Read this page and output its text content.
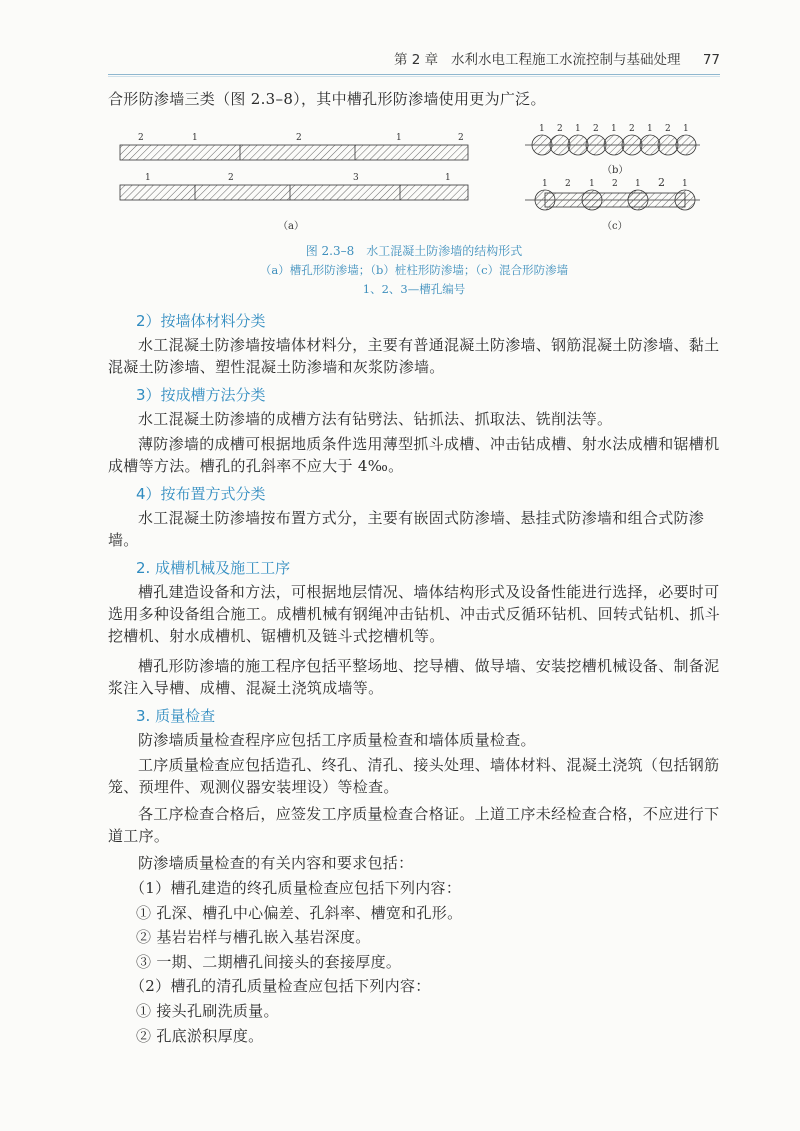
第 2 章 水利水电工程施工水流控制与基础处理 77
合形防渗墙三类（图 2.3–8），其中槽孔形防渗墙使用更为广泛。
2	1	2	1	2
1	2	3	1
（a）
1 2 1 2 1 2 1 2 1
（b）
1 2 1 2 1 2 1
（c）
图 2.3–8　水工混凝土防渗墙的结构形式
（a）槽孔形防渗墙；（b）桩柱形防渗墙；（c）混合形防渗墙
1、2、3—槽孔编号
2）按墙体材料分类
水工混凝土防渗墙按墙体材料分，主要有普通混凝土防渗墙、钢筋混凝土防渗墙、黏土混凝土防渗墙、塑性混凝土防渗墙和灰浆防渗墙。
3）按成槽方法分类
水工混凝土防渗墙的成槽方法有钻劈法、钻抓法、抓取法、铣削法等。
薄防渗墙的成槽可根据地质条件选用薄型抓斗成槽、冲击钻成槽、射水法成槽和锯槽机成槽等方法。槽孔的孔斜率不应大于 4‰。
4）按布置方式分类
水工混凝土防渗墙按布置方式分，主要有嵌固式防渗墙、悬挂式防渗墙和组合式防渗墙。
2. 成槽机械及施工工序
槽孔建造设备和方法，可根据地层情况、墙体结构形式及设备性能进行选择，必要时可选用多种设备组合施工。成槽机械有钢绳冲击钻机、冲击式反循环钻机、回转式钻机、抓斗挖槽机、射水成槽机、锯槽机及链斗式挖槽机等。
槽孔形防渗墙的施工程序包括平整场地、挖导槽、做导墙、安装挖槽机械设备、制备泥浆注入导槽、成槽、混凝土浇筑成墙等。
3. 质量检查
防渗墙质量检查程序应包括工序质量检查和墙体质量检查。
工序质量检查应包括造孔、终孔、清孔、接头处理、墙体材料、混凝土浇筑（包括钢筋笼、预埋件、观测仪器安装埋设）等检查。
各工序检查合格后，应签发工序质量检查合格证。上道工序未经检查合格，不应进行下道工序。
防渗墙质量检查的有关内容和要求包括：
（1）槽孔建造的终孔质量检查应包括下列内容：
① 孔深、槽孔中心偏差、孔斜率、槽宽和孔形。
② 基岩岩样与槽孔嵌入基岩深度。
③ 一期、二期槽孔间接头的套接厚度。
（2）槽孔的清孔质量检查应包括下列内容：
① 接头孔刷洗质量。
② 孔底淤积厚度。
